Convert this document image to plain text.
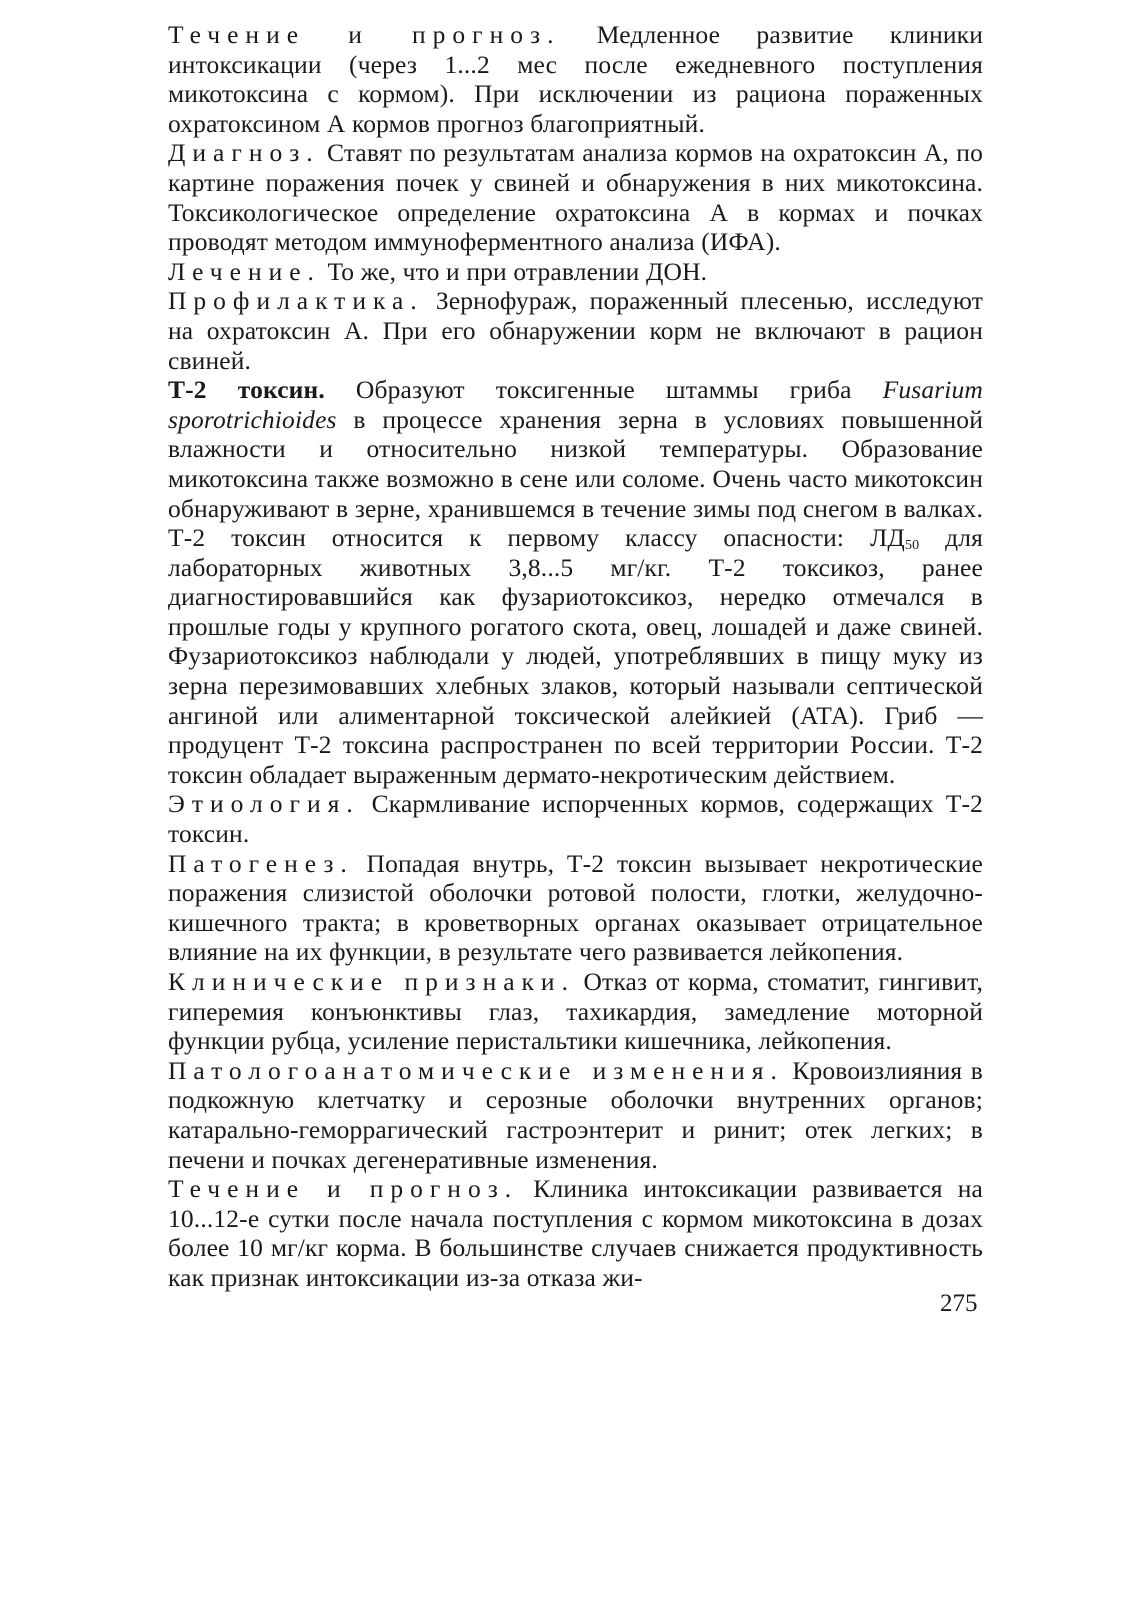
Течение и прогноз. Медленное развитие клиники интоксикации (через 1...2 мес после ежедневного поступления микотоксина с кормом). При исключении из рациона пораженных охратоксином А кормов прогноз благоприятный.

Диагноз. Ставят по результатам анализа кормов на охратоксин А, по картине поражения почек у свиней и обнаружения в них микотоксина. Токсикологическое определение охратоксина А в кормах и почках проводят методом иммуноферментного анализа (ИФА).

Лечение. То же, что и при отравлении ДОН.

Профилактика. Зернофураж, пораженный плесенью, исследуют на охратоксин А. При его обнаружении корм не включают в рацион свиней.

Т-2 токсин. Образуют токсигенные штаммы гриба Fusarium sporotrichioides в процессе хранения зерна в условиях повышенной влажности и относительно низкой температуры. Образование микотоксина также возможно в сене или соломе. Очень часто микотоксин обнаруживают в зерне, хранившемся в течение зимы под снегом в валках. Т-2 токсин относится к первому классу опасности: $ЛД_{50}$ для лабораторных животных 3,8...5 мг/кг. Т-2 токсикоз, ранее диагностировавшийся как фузариотоксикоз, нередко отмечался в прошлые годы у крупного рогатого скота, овец, лошадей и даже свиней. Фузариотоксикоз наблюдали у людей, употреблявших в пищу муку из зерна перезимовавших хлебных злаков, который называли септической ангиной или алиментарной токсической алейкией (АТА). Гриб — продуцент Т-2 токсина распространен по всей территории России. Т-2 токсин обладает выраженным дермато-некротическим действием.

Этиология. Скармливание испорченных кормов, содержащих Т-2 токсин.

Патогенез. Попадая внутрь, Т-2 токсин вызывает некротические поражения слизистой оболочки ротовой полости, глотки, желудочно-кишечного тракта; в кроветворных органах оказывает отрицательное влияние на их функции, в результате чего развивается лейкопения.

Клинические признаки. Отказ от корма, стоматит, гингивит, гиперемия конъюнктивы глаз, тахикардия, замедление моторной функции рубца, усиление перистальтики кишечника, лейкопения.

Патологоанатомические изменения. Кровоизлияния в подкожную клетчатку и серозные оболочки внутренних органов; катарально-геморрагический гастроэнтерит и ринит; отек легких; в печени и почках дегенеративные изменения.

Течение и прогноз. Клиника интоксикации развивается на 10...12-е сутки после начала поступления с кормом микотоксина в дозах более 10 мг/кг корма. В большинстве случаев снижается продуктивность как признак интоксикации из-за отказа жи-

275
